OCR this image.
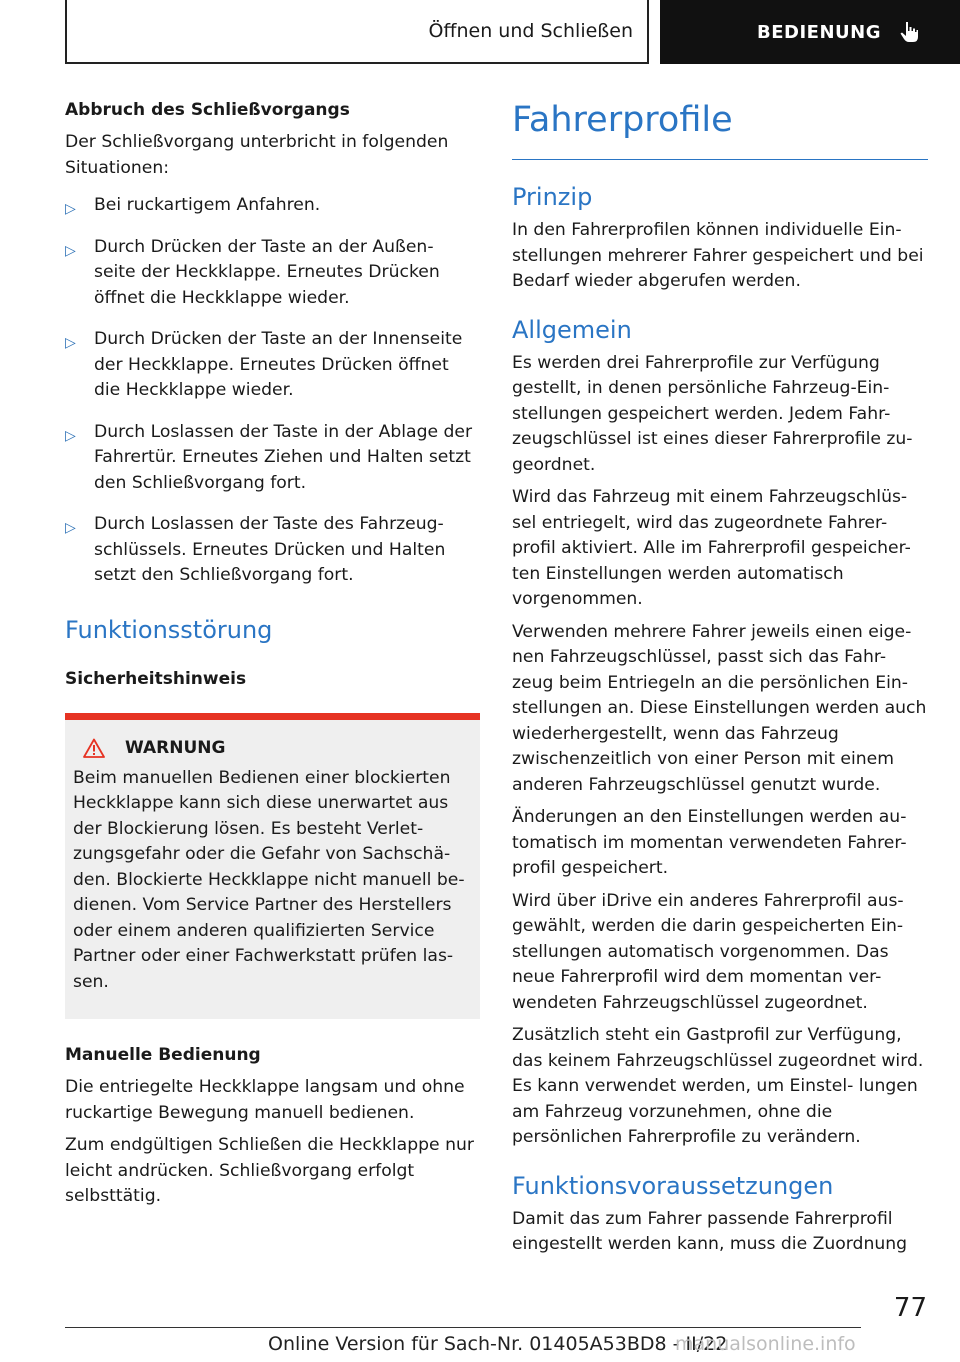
Öffnen und Schließen	BEDIENUNG
Abbruch des Schließvorgangs

Der Schließvorgang unterbricht in folgenden Situationen:

▷ Bei ruckartigem Anfahren.
▷ Durch Drücken der Taste an der Außen- seite der Heckklappe. Erneutes Drücken öffnet die Heckklappe wieder.
▷ Durch Drücken der Taste an der Innenseite der Heckklappe. Erneutes Drücken öffnet die Heckklappe wieder.
▷ Durch Loslassen der Taste in der Ablage der Fahrertür. Erneutes Ziehen und Halten setzt den Schließvorgang fort.
▷ Durch Loslassen der Taste des Fahrzeug- schlüssels. Erneutes Drücken und Halten setzt den Schließvorgang fort.
Funktionsstörung
Sicherheitshinweis
WARNUNG

Beim manuellen Bedienen einer blockierten Heckklappe kann sich diese unerwartet aus der Blockierung lösen. Es besteht Verlet- zungsgefahr oder die Gefahr von Sachschä- den. Blockierte Heckklappe nicht manuell be- dienen. Vom Service Partner des Herstellers oder einem anderen qualifizierten Service Partner oder einer Fachwerkstatt prüfen las- sen.

Manuelle Bedienung

Die entriegelte Heckklappe langsam und ohne ruckartige Bewegung manuell bedienen.

Zum endgültigen Schließen die Heckklappe nur leicht andrücken. Schließvorgang erfolgt selbsttätig.

Fahrerprofile
Prinzip

In den Fahrerprofilen können individuelle Ein- stellungen mehrerer Fahrer gespeichert und bei Bedarf wieder abgerufen werden.

Allgemein

Es werden drei Fahrerprofile zur Verfügung gestellt, in denen persönliche Fahrzeug-Ein- stellungen gespeichert werden. Jedem Fahr- zeugschlüssel ist eines dieser Fahrerprofile zu- geordnet.

Wird das Fahrzeug mit einem Fahrzeugschlüs- sel entriegelt, wird das zugeordnete Fahrer- profil aktiviert. Alle im Fahrerprofil gespeicher- ten Einstellungen werden automatisch vorgenommen.

Verwenden mehrere Fahrer jeweils einen eige- nen Fahrzeugschlüssel, passt sich das Fahr- zeug beim Entriegeln an die persönlichen Ein- stellungen an. Diese Einstellungen werden auch wiederhergestellt, wenn das Fahrzeug zwischenzeitlich von einer Person mit einem anderen Fahrzeugschlüssel genutzt wurde.

Änderungen an den Einstellungen werden au- tomatisch im momentan verwendeten Fahrer- profil gespeichert.

Wird über iDrive ein anderes Fahrerprofil aus- gewählt, werden die darin gespeicherten Ein- stellungen automatisch vorgenommen. Das neue Fahrerprofil wird dem momentan ver- wendeten Fahrzeugschlüssel zugeordnet.

Zusätzlich steht ein Gastprofil zur Verfügung, das keinem Fahrzeugschlüssel zugeordnet wird. Es kann verwendet werden, um Einstel- lungen am Fahrzeug vorzunehmen, ohne die persönlichen Fahrerprofile zu verändern.

Funktionsvoraussetzungen

Damit das zum Fahrer passende Fahrerprofil eingestellt werden kann, muss die Zuordnung

77
Online Version für Sach-Nr. 01405A53BD8 - II/22
manualsonline.info
